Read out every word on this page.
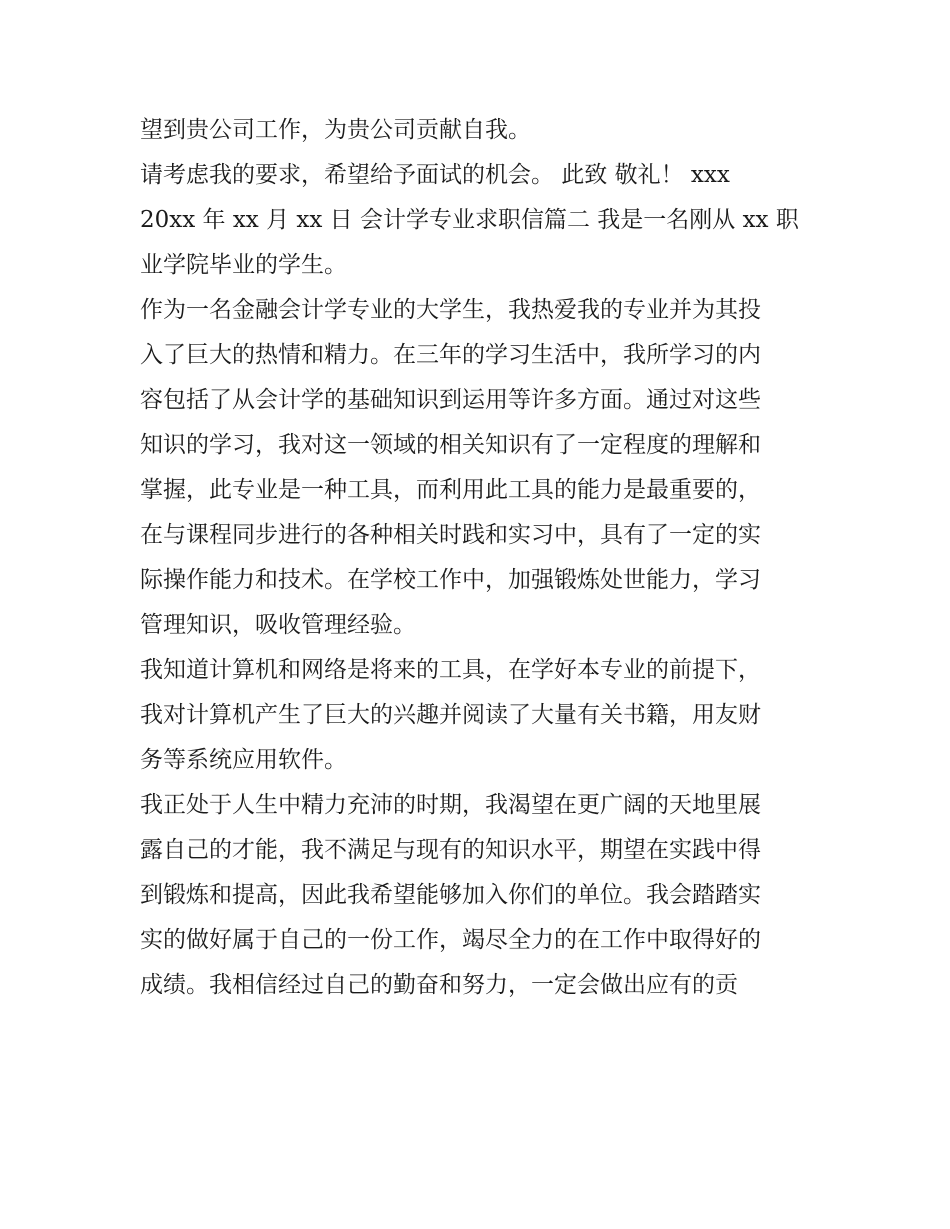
望到贵公司工作，为贵公司贡献自我。
请考虑我的要求，希望给予面试的机会。 此致 敬礼！ xxx
20xx 年 xx 月 xx 日 会计学专业求职信篇二 我是一名刚从 xx 职
业学院毕业的学生。
作为一名金融会计学专业的大学生，我热爱我的专业并为其投
入了巨大的热情和精力。在三年的学习生活中，我所学习的内
容包括了从会计学的基础知识到运用等许多方面。通过对这些
知识的学习，我对这一领域的相关知识有了一定程度的理解和
掌握，此专业是一种工具，而利用此工具的能力是最重要的，
在与课程同步进行的各种相关时践和实习中，具有了一定的实
际操作能力和技术。在学校工作中，加强锻炼处世能力，学习
管理知识，吸收管理经验。
我知道计算机和网络是将来的工具，在学好本专业的前提下，
我对计算机产生了巨大的兴趣并阅读了大量有关书籍，用友财
务等系统应用软件。
我正处于人生中精力充沛的时期，我渴望在更广阔的天地里展
露自己的才能，我不满足与现有的知识水平，期望在实践中得
到锻炼和提高，因此我希望能够加入你们的单位。我会踏踏实
实的做好属于自己的一份工作，竭尽全力的在工作中取得好的
成绩。我相信经过自己的勤奋和努力，一定会做出应有的贡
